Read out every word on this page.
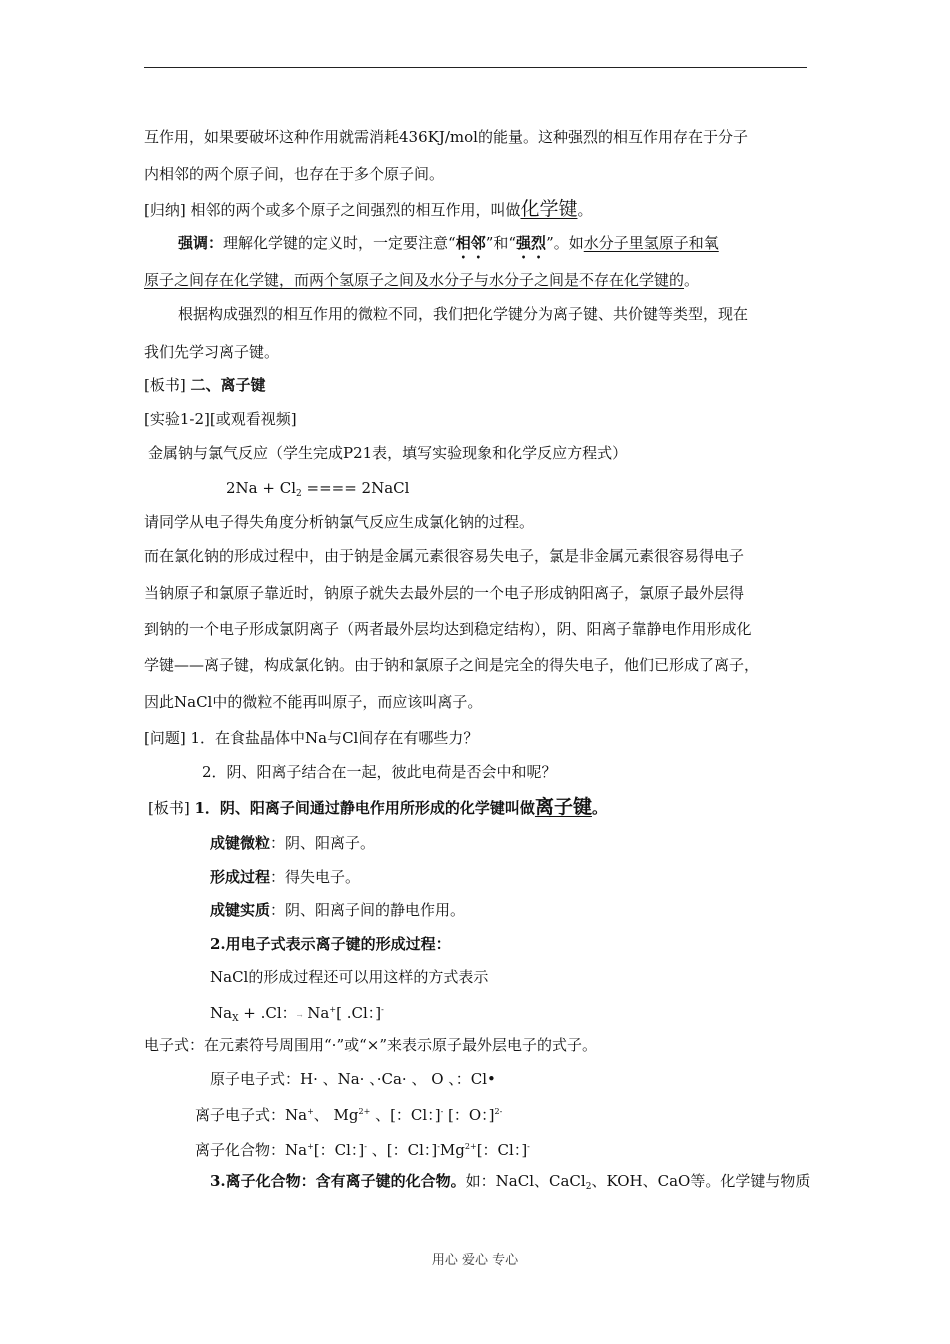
互作用，如果要破坏这种作用就需消耗436KJ/mol的能量。这种强烈的相互作用存在于分子
内相邻的两个原子间，也存在于多个原子间。
[归纳] 相邻的两个或多个原子之间强烈的相互作用，叫做化学键。
强调：理解化学键的定义时，一定要注意“相邻”和“强烈”。如水分子里氢原子和氧
原子之间存在化学键，而两个氢原子之间及水分子与水分子之间是不存在化学键的。
根据构成强烈的相互作用的微粒不同，我们把化学键分为离子键、共价键等类型，现在
我们先学习离子键。
[板书] 二、离子键
[实验1-2][或观看视频]
金属钠与氯气反应（学生完成P21表，填写实验现象和化学反应方程式）
$2Na + Cl_2$ ==== 2NaCl
请同学从电子得失角度分析钠氯气反应生成氯化钠的过程。
而在氯化钠的形成过程中，由于钠是金属元素很容易失电子，氯是非金属元素很容易得电子
当钠原子和氯原子靠近时，钠原子就失去最外层的一个电子形成钠阳离子，氯原子最外层得
到钠的一个电子形成氯阴离子（两者最外层均达到稳定结构），阴、阳离子靠静电作用形成化
学键——离子键，构成氯化钠。由于钠和氯原子之间是完全的得失电子，他们已形成了离子，
因此NaCl中的微粒不能再叫原子，而应该叫离子。
[问题] 1．在食盐晶体中Na与Cl间存在有哪些力？
2．阴、阳离子结合在一起，彼此电荷是否会中和呢？
[板书] 1．阴、阳离子间通过静电作用所形成的化学键叫做离子键。
成键微粒：阴、阳离子。
形成过程：得失电子。
成键实质：阴、阳离子间的静电作用。
2.用电子式表示离子键的形成过程：
NaCl的形成过程还可以用这样的方式表示
$Na_X + .Cl$：→ Na+[ .Cl：]-
电子式：在元素符号周围用“·”或“×”来表示原子最外层电子的式子。
原子电子式：H· 、Na· 、·Ca· 、 O 、：Cl•
离子电子式：Na+、 $Mg^{2+}$ 、[：Cl：]- [：O：]$^{2-}$
离子化合物：Na+[：Cl：]- 、[：Cl：]$^-Mg^{2+}$[：Cl：]-
3.离子化合物：含有离子键的化合物。如：NaCl、CaCl$_2$、KOH、CaO等。化学键与物质
用心 爱心 专心
